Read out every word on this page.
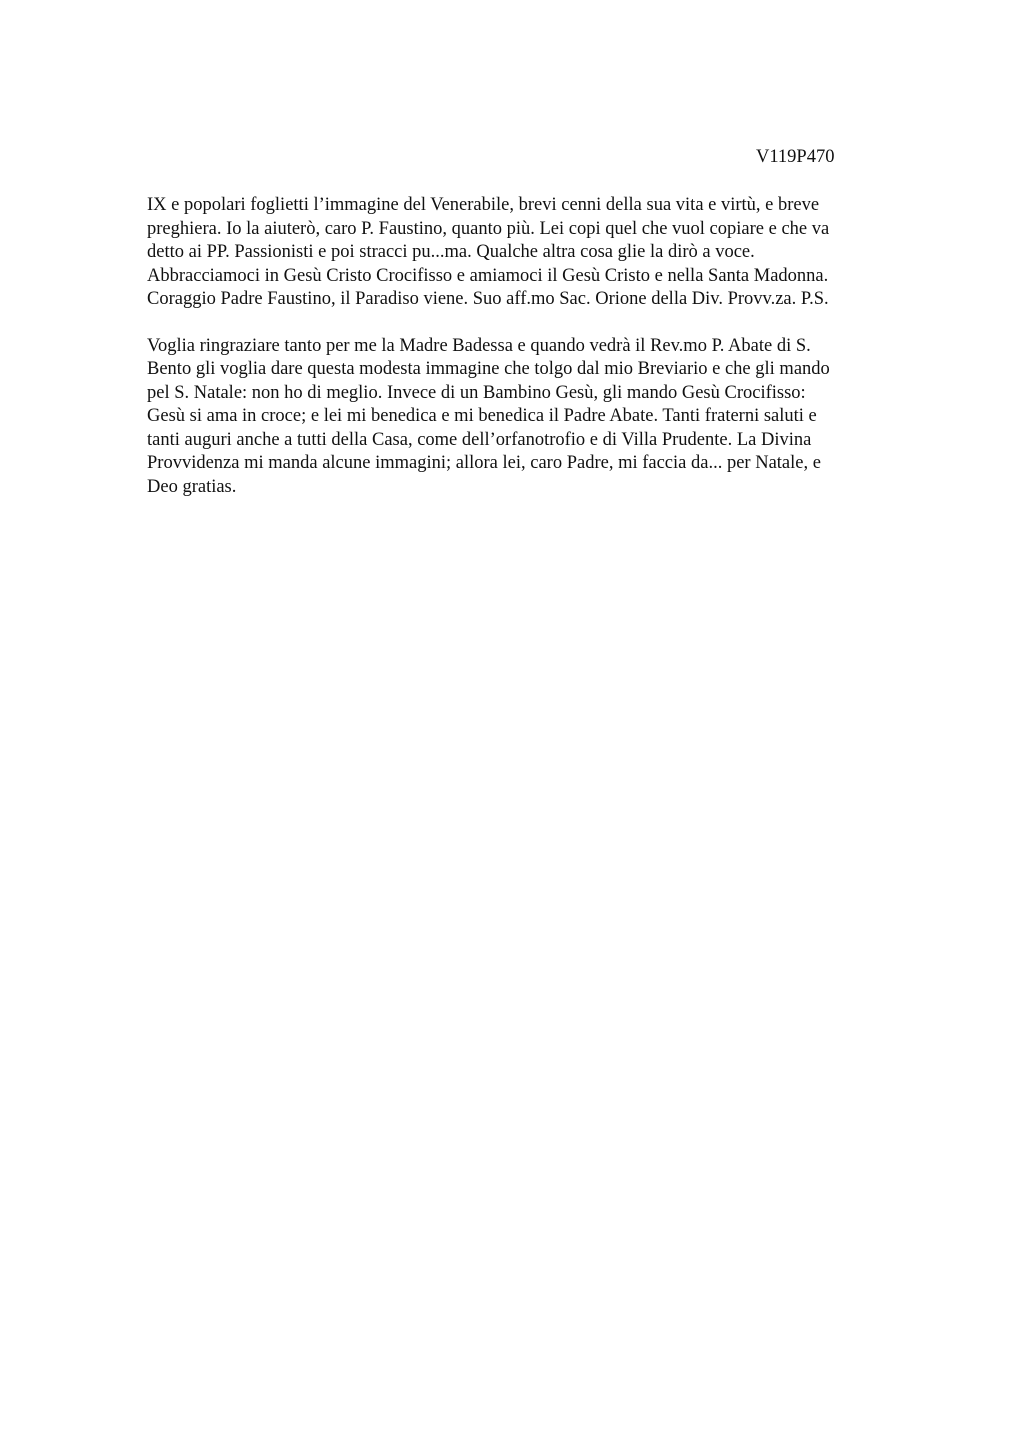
V119P470
IX e popolari foglietti l’immagine del Venerabile, brevi cenni della sua vita e virtù, e breve
preghiera. Io la aiuterò, caro P. Faustino, quanto più. Lei copi quel che vuol copiare e che va
detto ai PP. Passionisti e poi stracci pu...ma. Qualche altra cosa glie la dirò a voce.
Abbracciamoci in Gesù Cristo Crocifisso e amiamoci il Gesù Cristo e nella Santa Madonna.
Coraggio Padre Faustino, il Paradiso viene. Suo aff.mo Sac. Orione della Div. Provv.za. P.S.
Voglia ringraziare tanto per me la Madre Badessa e quando vedrà il Rev.mo P. Abate di S.
Bento gli voglia dare questa modesta immagine che tolgo dal mio Breviario e che gli mando
pel S. Natale: non ho di meglio. Invece di un Bambino Gesù, gli mando Gesù Crocifisso:
Gesù si ama in croce; e lei mi benedica e mi benedica il Padre Abate. Tanti fraterni saluti e
tanti auguri anche a tutti della Casa, come dell’orfanotrofio e di Villa Prudente. La Divina
Provvidenza mi manda alcune immagini; allora lei, caro Padre, mi faccia da... per Natale, e
Deo gratias.
